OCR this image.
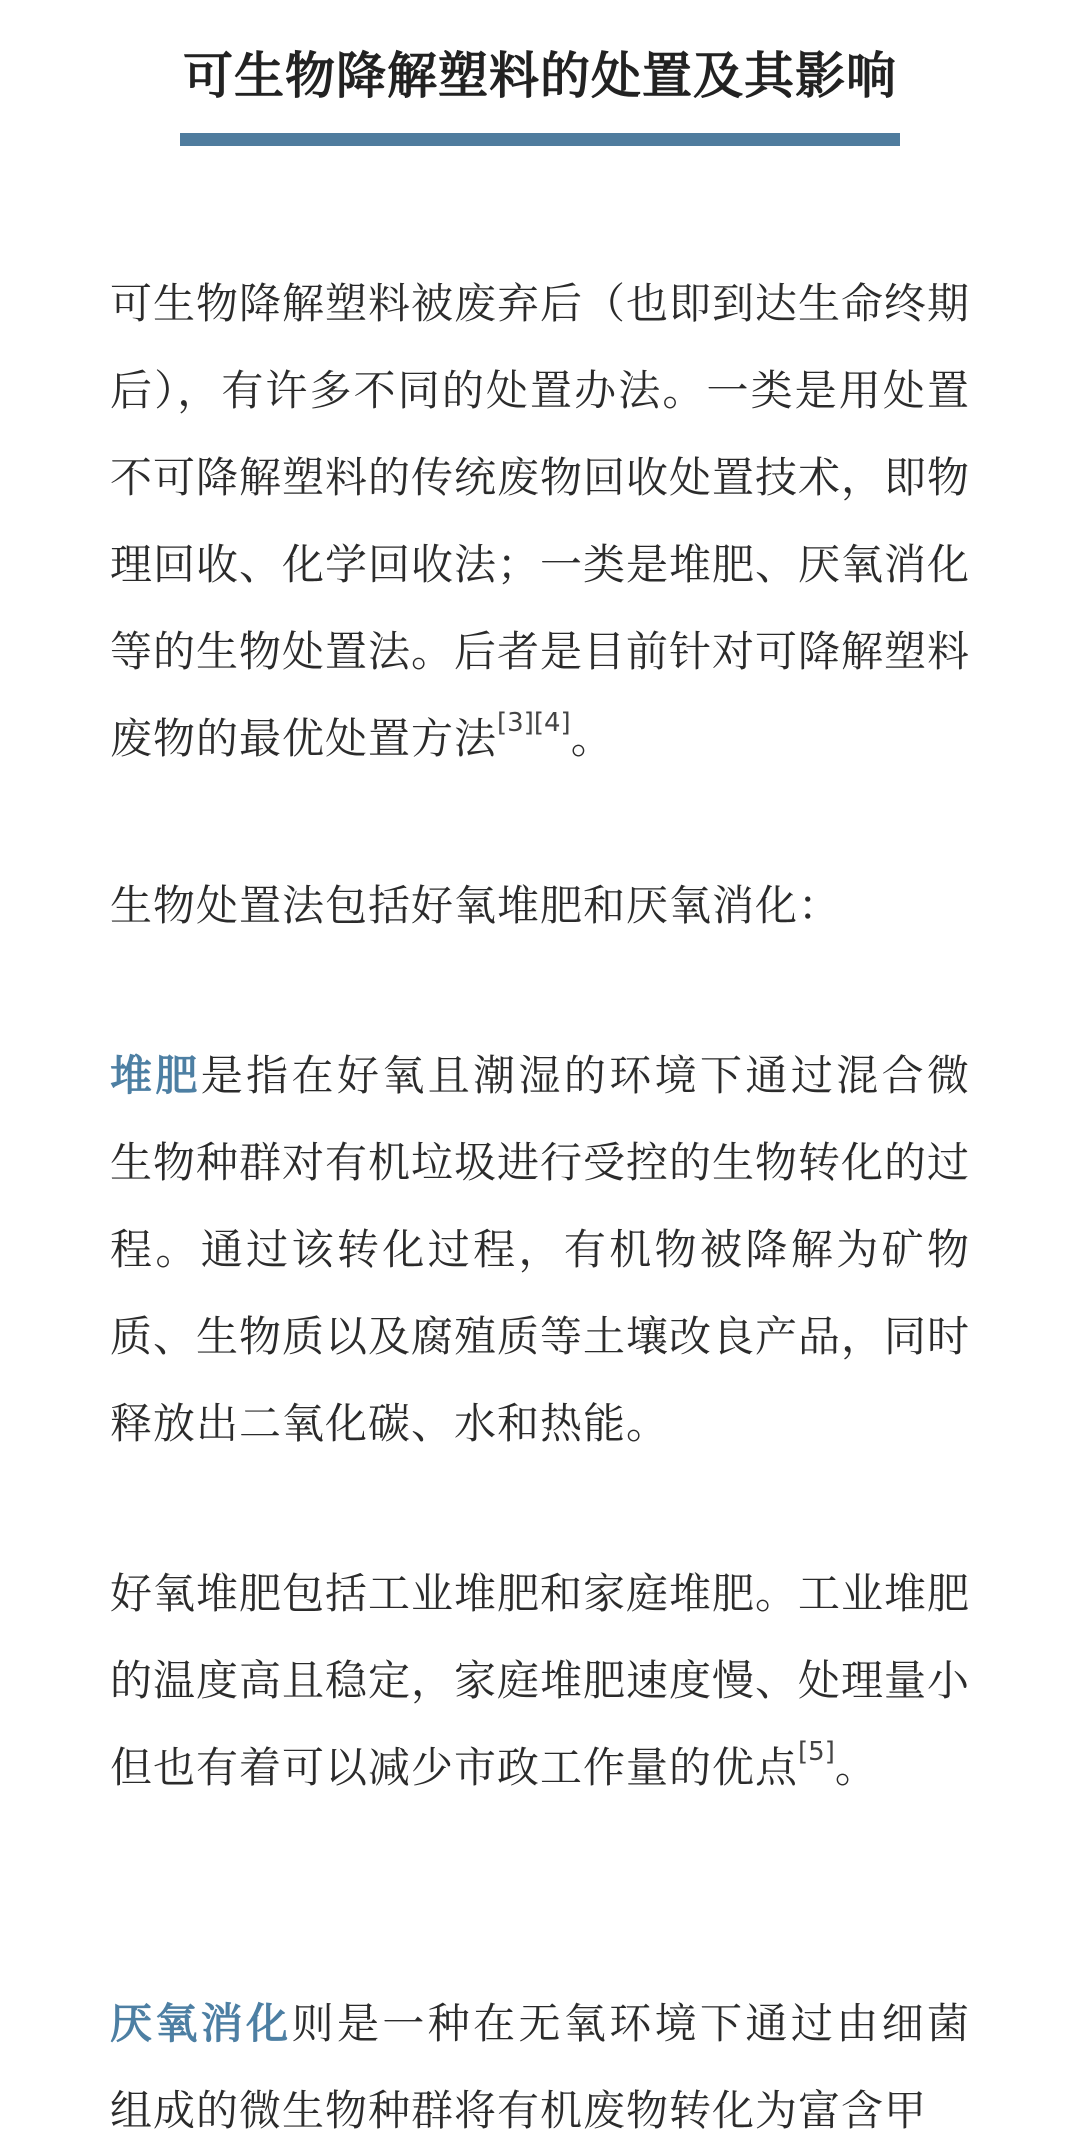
可生物降解塑料的处置及其影响

可生物降解塑料被废弃后（也即到达生命终期后），有许多不同的处置办法。一类是用处置不可降解塑料的传统废物回收处置技术，即物理回收、化学回收法；一类是堆肥、厌氧消化等的生物处置法。后者是目前针对可降解塑料废物的最优处置方法[3][4]。

生物处置法包括好氧堆肥和厌氧消化：

堆肥是指在好氧且潮湿的环境下通过混合微生物种群对有机垃圾进行受控的生物转化的过程。通过该转化过程，有机物被降解为矿物质、生物质以及腐殖质等土壤改良产品，同时释放出二氧化碳、水和热能。

好氧堆肥包括工业堆肥和家庭堆肥。工业堆肥的温度高且稳定，家庭堆肥速度慢、处理量小但也有着可以减少市政工作量的优点[5]。

厌氧消化则是一种在无氧环境下通过由细菌组成的微生物种群将有机废物转化为富含甲
